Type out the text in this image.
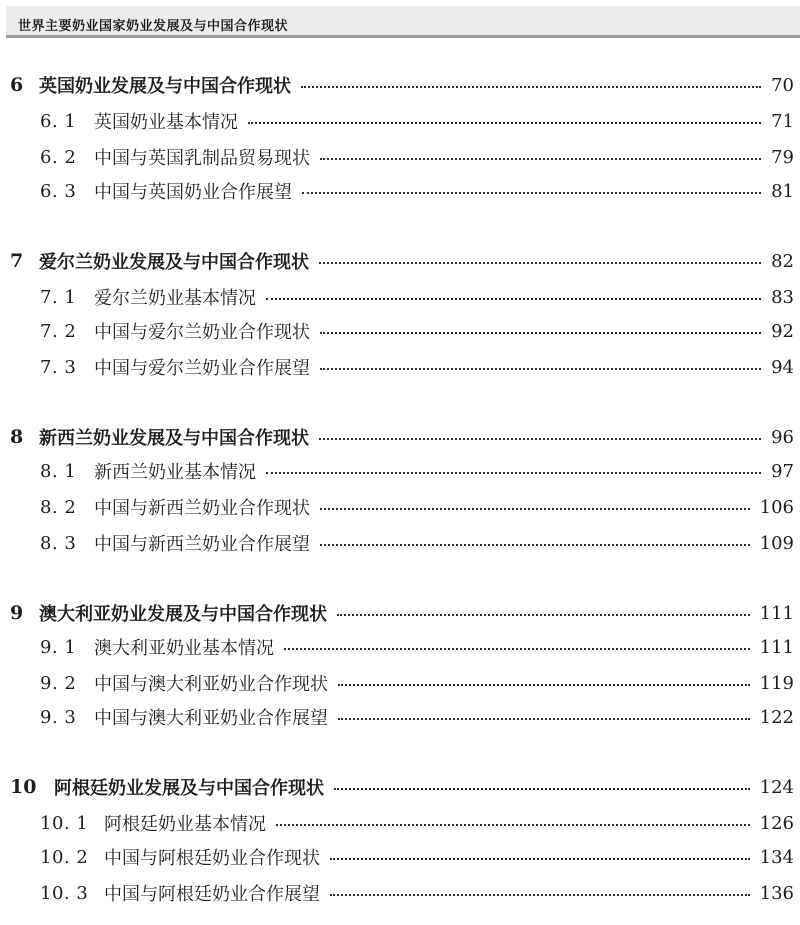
世界主要奶业国家奶业发展及与中国合作现状
6 英国奶业发展及与中国合作现状	70
6. 1 英国奶业基本情况	71
6. 2 中国与英国乳制品贸易现状	79
6. 3 中国与英国奶业合作展望	81
7 爱尔兰奶业发展及与中国合作现状	82
7. 1 爱尔兰奶业基本情况	83
7. 2 中国与爱尔兰奶业合作现状	92
7. 3 中国与爱尔兰奶业合作展望	94
8 新西兰奶业发展及与中国合作现状	96
8. 1 新西兰奶业基本情况	97
8. 2 中国与新西兰奶业合作现状	106
8. 3 中国与新西兰奶业合作展望	109
9 澳大利亚奶业发展及与中国合作现状	111
9. 1 澳大利亚奶业基本情况	111
9. 2 中国与澳大利亚奶业合作现状	119
9. 3 中国与澳大利亚奶业合作展望	122
10 阿根廷奶业发展及与中国合作现状	124
10. 1 阿根廷奶业基本情况	126
10. 2 中国与阿根廷奶业合作现状	134
10. 3 中国与阿根廷奶业合作展望	136
